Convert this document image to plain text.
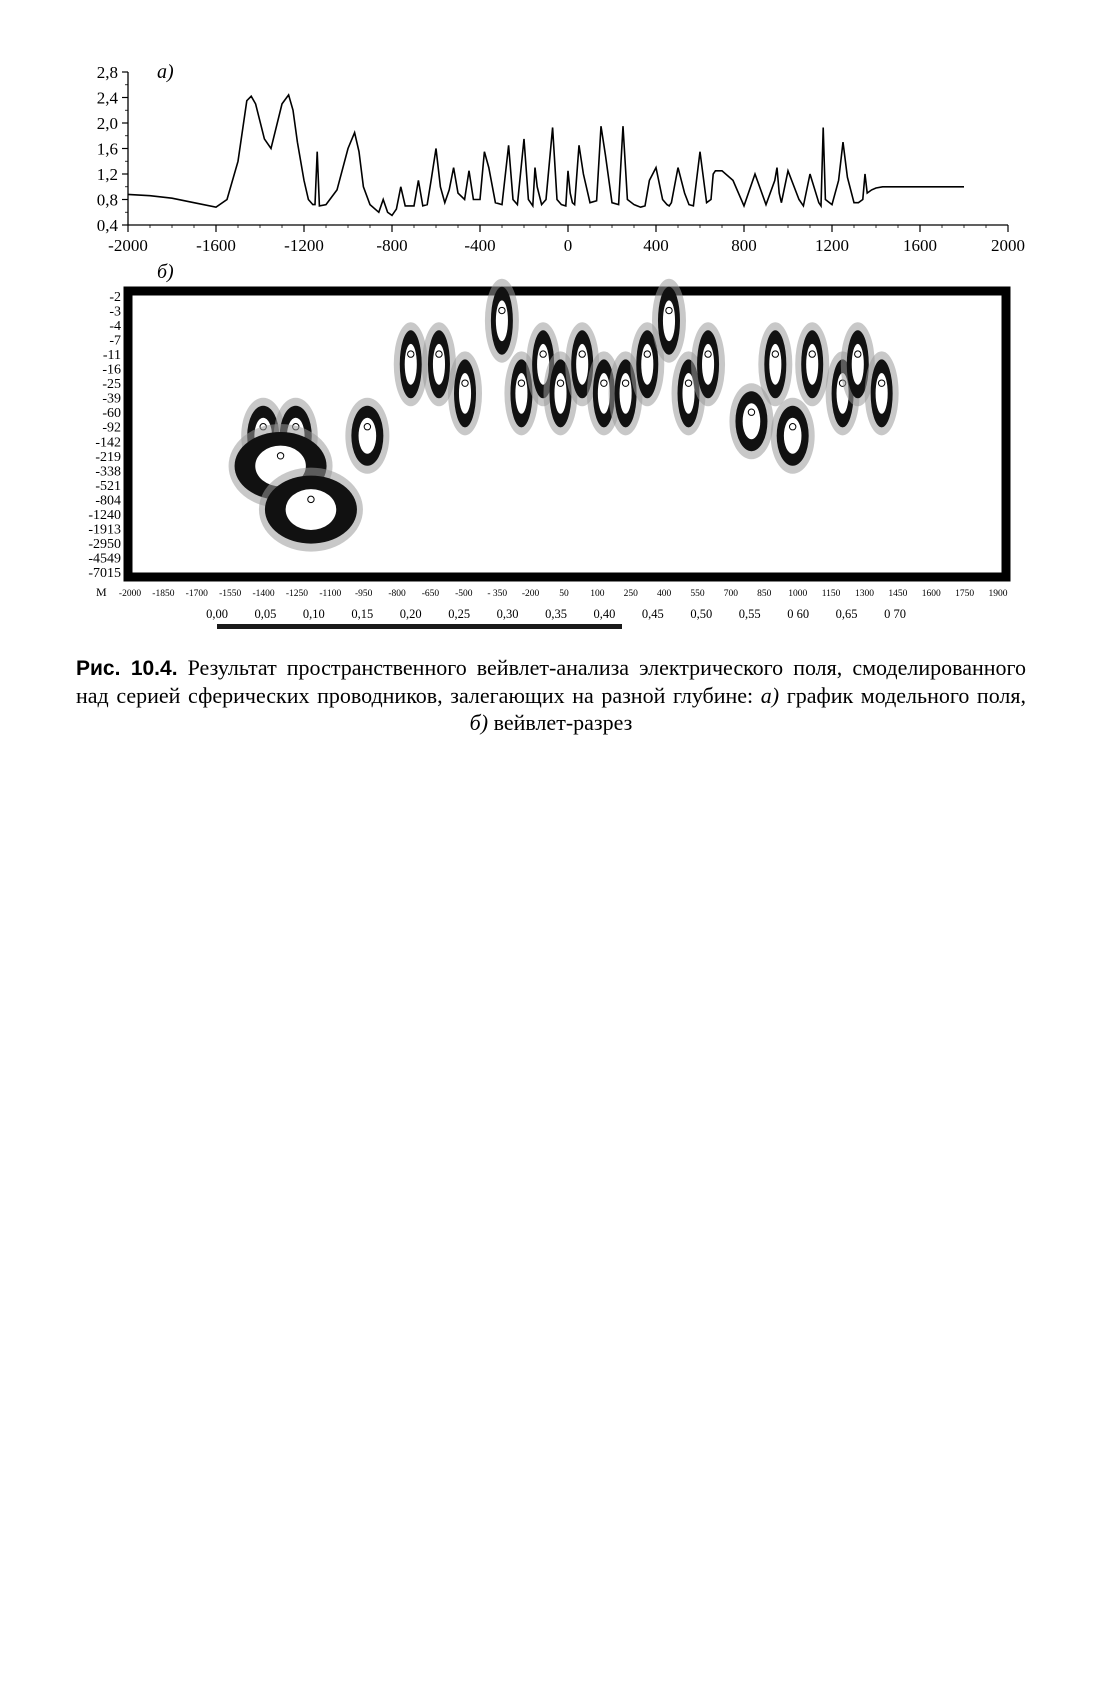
а)
2,8
2,4
2,0
1,6
1,2
0,8
0,4
-2000	-1600	-1200	-800	-400	0	400	800	1200	1600	2000
б)
-2
-3
-4
-7
-11
-16
-25
-39
-60
-92
-142
-219
-338
-521
-804
-1240
-1913
-2950
-4549
-7015
-2000 -1850 -1700 -1550 -1400 -1250 -1100 -950 -800 -650 -500 - 350 -200 50 100 250 400 550 700 850 1000 1150 1300 1450 1600 1750 1900
М
0,00 0,05 0,10 0,15 0,20 0,25 0,30 0,35 0,40 0,45 0,50 0,55 0 60 0,65 0 70
Рис. 10.4. Результат пространственного вейвлет-анализа электрического поля, смоделированного над серией сферических проводников, залегающих на разной глубине: а) график модельного поля, б) вейвлет-разрез
